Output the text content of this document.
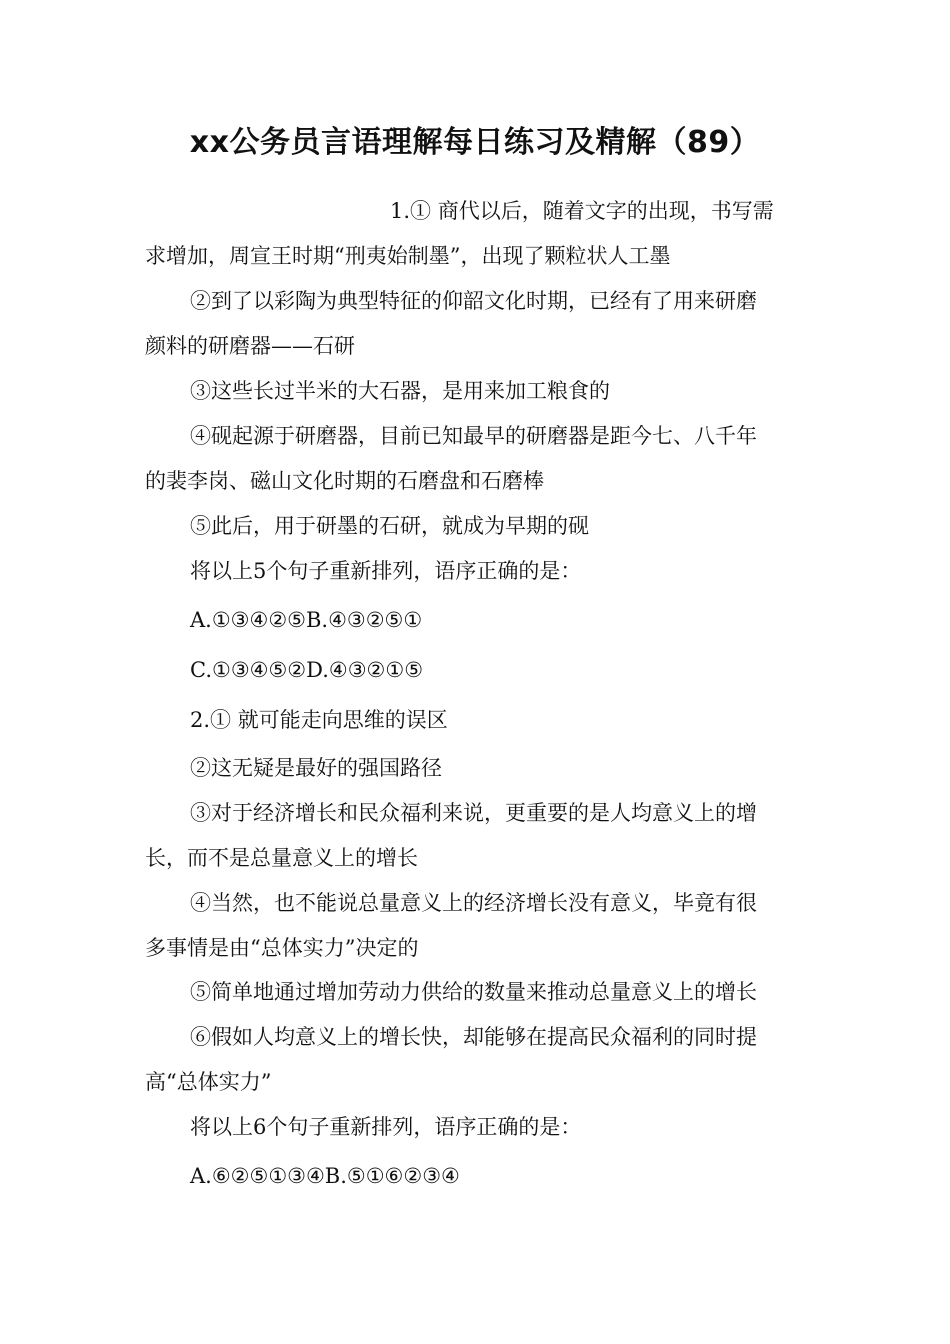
xx公务员言语理解每日练习及精解（89）
1.① 商代以后，随着文字的出现，书写需
求增加，周宣王时期“刑夷始制墨”，出现了颗粒状人工墨
②到了以彩陶为典型特征的仰韶文化时期，已经有了用来研磨
颜料的研磨器——石研
③这些长过半米的大石器，是用来加工粮食的
④砚起源于研磨器，目前已知最早的研磨器是距今七、八千年
的裴李岗、磁山文化时期的石磨盘和石磨棒
⑤此后，用于研墨的石研，就成为早期的砚
将以上5个句子重新排列，语序正确的是：
A.①③④②⑤B.④③②⑤①
C.①③④⑤②D.④③②①⑤
2.① 就可能走向思维的误区
②这无疑是最好的强国路径
③对于经济增长和民众福利来说，更重要的是人均意义上的增
长，而不是总量意义上的增长
④当然，也不能说总量意义上的经济增长没有意义，毕竟有很
多事情是由“总体实力”决定的
⑤简单地通过增加劳动力供给的数量来推动总量意义上的增长
⑥假如人均意义上的增长快，却能够在提高民众福利的同时提
高“总体实力”
将以上6个句子重新排列，语序正确的是：
A.⑥②⑤①③④B.⑤①⑥②③④
